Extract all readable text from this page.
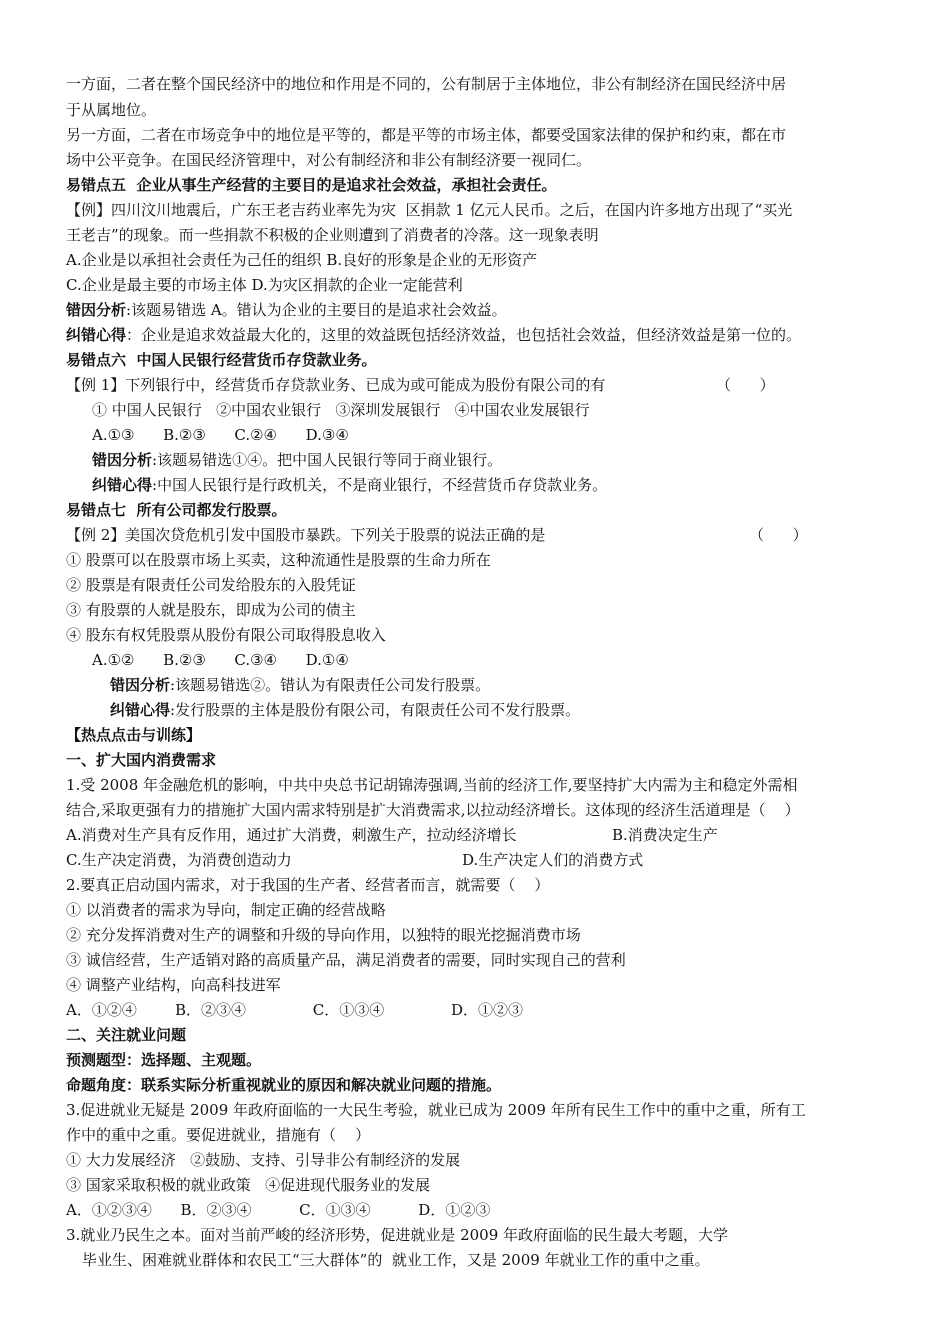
一方面，二者在整个国民经济中的地位和作用是不同的，公有制居于主体地位，非公有制经济在国民经济中居
于从属地位。
另一方面，二者在市场竞争中的地位是平等的，都是平等的市场主体，都要受国家法律的保护和约束，都在市
场中公平竞争。在国民经济管理中，对公有制经济和非公有制经济要一视同仁。
易错点五  企业从事生产经营的主要目的是追求社会效益，承担社会责任。
【例】四川汶川地震后，广东王老吉药业率先为灾  区捐款 1 亿元人民币。之后，在国内许多地方出现了“买光
王老吉”的现象。而一些捐款不积极的企业则遭到了消费者的冷落。这一现象表明
A.企业是以承担社会责任为己任的组织 B.良好的形象是企业的无形资产
C.企业是最主要的市场主体 D.为灾区捐款的企业一定能营利
错因分析:该题易错选 A。错认为企业的主要目的是追求社会效益。
纠错心得：企业是追求效益最大化的，这里的效益既包括经济效益，也包括社会效益，但经济效益是第一位的。
易错点六  中国人民银行经营货币存贷款业务。
【例 1】下列银行中，经营货币存贷款业务、已成为或可能成为股份有限公司的有	（      ）
① 中国人民银行   ②中国农业银行   ③深圳发展银行   ④中国农业发展银行
A.①③      B.②③      C.②④      D.③④
错因分析:该题易错选①④。把中国人民银行等同于商业银行。
纠错心得:中国人民银行是行政机关，不是商业银行，不经营货币存贷款业务。
易错点七  所有公司都发行股票。
【例 2】美国次贷危机引发中国股市暴跌。下列关于股票的说法正确的是	（      ）
① 股票可以在股票市场上买卖，这种流通性是股票的生命力所在
② 股票是有限责任公司发给股东的入股凭证
③ 有股票的人就是股东，即成为公司的债主
④ 股东有权凭股票从股份有限公司取得股息收入
A.①②      B.②③      C.③④      D.①④
错因分析:该题易错选②。错认为有限责任公司发行股票。
纠错心得:发行股票的主体是股份有限公司，有限责任公司不发行股票。
【热点点击与训练】
一、扩大国内消费需求
1.受 2008 年金融危机的影响，中共中央总书记胡锦涛强调,当前的经济工作,要坚持扩大内需为主和稳定外需相
结合,采取更强有力的措施扩大国内需求特别是扩大消费需求,以拉动经济增长。这体现的经济生活道理是（    ）
A.消费对生产具有反作用，通过扩大消费，刺激生产，拉动经济增长	B.消费决定生产
C.生产决定消费，为消费创造动力	D.生产决定人们的消费方式
2.要真正启动国内需求，对于我国的生产者、经营者而言，就需要（    ）
① 以消费者的需求为导向，制定正确的经营战略
② 充分发挥消费对生产的调整和升级的导向作用，以独特的眼光挖掘消费市场
③ 诚信经营，生产适销对路的高质量产品，满足消费者的需要，同时实现自己的营利
④ 调整产业结构，向高科技进军
A．①②④        B．②③④              C．①③④              D．①②③
二、关注就业问题
预测题型：选择题、主观题。
命题角度：联系实际分析重视就业的原因和解决就业问题的措施。
3.促进就业无疑是 2009 年政府面临的一大民生考验，就业已成为 2009 年所有民生工作中的重中之重，所有工
作中的重中之重。要促进就业，措施有（    ）
① 大力发展经济   ②鼓励、支持、引导非公有制经济的发展
③ 国家采取积极的就业政策   ④促进现代服务业的发展
A．①②③④      B．②③④          C．①③④          D．①②③
3.就业乃民生之本。面对当前严峻的经济形势，促进就业是 2009 年政府面临的民生最大考题，大学
毕业生、困难就业群体和农民工“三大群体”的  就业工作，又是 2009 年就业工作的重中之重。
